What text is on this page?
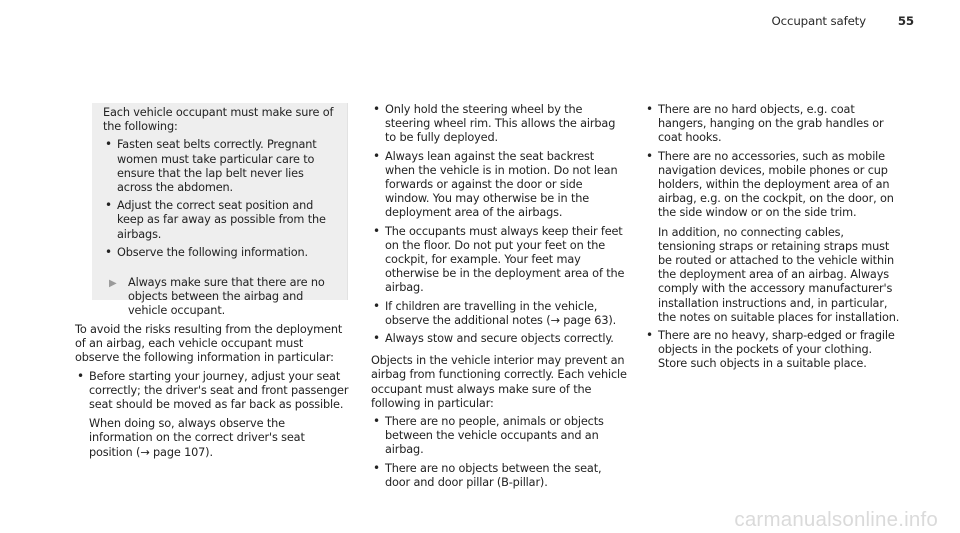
Occupant safety	55

Each vehicle occupant must make sure of the following:

• Fasten seat belts correctly. Pregnant women must take particular care to ensure that the lap belt never lies across the abdomen.

• Adjust the correct seat position and keep as far away as possible from the airbags.

• Observe the following information.

▶ Always make sure that there are no objects between the airbag and vehicle occupant.

To avoid the risks resulting from the deployment of an airbag, each vehicle occupant must observe the following information in particular:

• Before starting your journey, adjust your seat correctly; the driver's seat and front passenger seat should be moved as far back as possible.

When doing so, always observe the information on the correct driver's seat position (→ page 107).

• Only hold the steering wheel by the steering wheel rim. This allows the airbag to be fully deployed.

• Always lean against the seat backrest when the vehicle is in motion. Do not lean forwards or against the door or side window. You may otherwise be in the deployment area of the airbags.

• The occupants must always keep their feet on the floor. Do not put your feet on the cockpit, for example. Your feet may otherwise be in the deployment area of the airbag.

• If children are travelling in the vehicle, observe the additional notes (→ page 63).

• Always stow and secure objects correctly.

Objects in the vehicle interior may prevent an airbag from functioning correctly. Each vehicle occupant must always make sure of the following in particular:

• There are no people, animals or objects between the vehicle occupants and an airbag.

• There are no objects between the seat, door and door pillar (B-pillar).

• There are no hard objects, e.g. coat hangers, hanging on the grab handles or coat hooks.

• There are no accessories, such as mobile navigation devices, mobile phones or cup holders, within the deployment area of an airbag, e.g. on the cockpit, on the door, on the side window or on the side trim.

In addition, no connecting cables, tensioning straps or retaining straps must be routed or attached to the vehicle within the deployment area of an airbag. Always comply with the accessory manufacturer's installation instructions and, in particular, the notes on suitable places for installation.

• There are no heavy, sharp-edged or fragile objects in the pockets of your clothing. Store such objects in a suitable place.

carmanualsonline.info
